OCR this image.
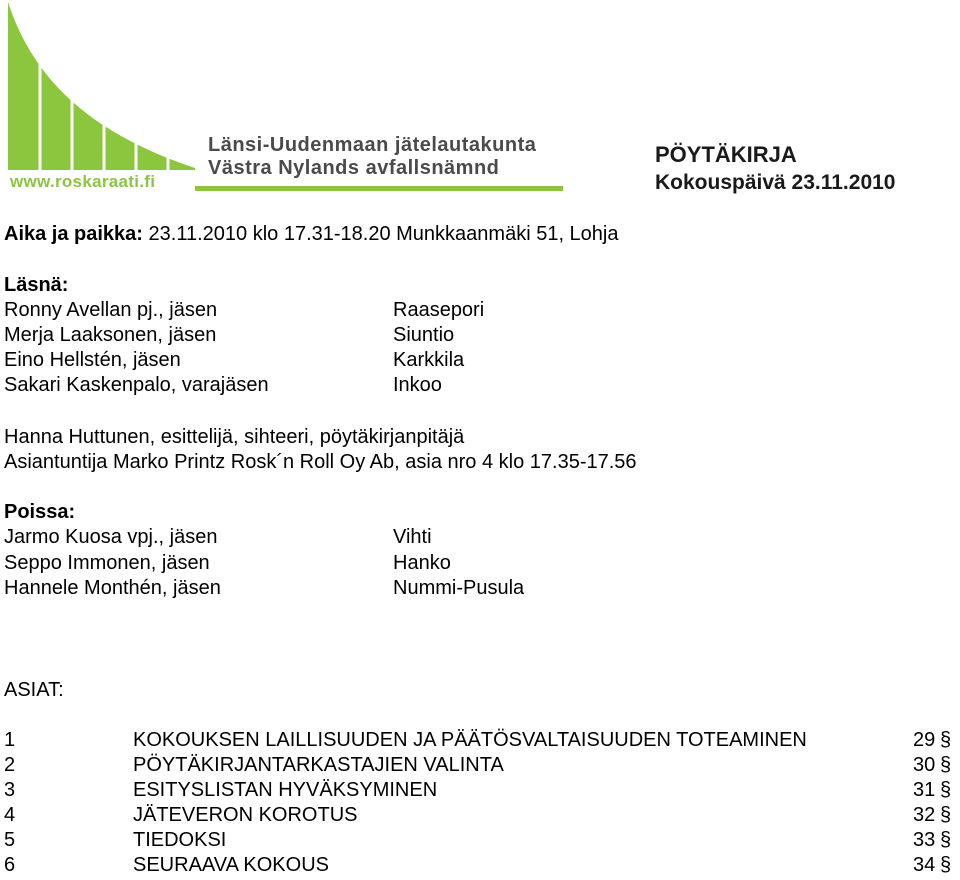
Länsi-Uudenmaan jätelautakunta
Västra Nylands avfallsnämnd
www.roskaraati.fi
PÖYTÄKIRJA
Kokouspäivä 23.11.2010
Aika ja paikka: 23.11.2010 klo 17.31-18.20 Munkkaanmäki 51, Lohja
Läsnä:
Ronny Avellan pj., jäsen	Raasepori
Merja Laaksonen, jäsen	Siuntio
Eino Hellstén, jäsen	Karkkila
Sakari Kaskenpalo, varajäsen	Inkoo
Hanna Huttunen, esittelijä, sihteeri, pöytäkirjanpitäjä
Asiantuntija Marko Printz Rosk´n Roll Oy Ab, asia nro 4 klo 17.35-17.56
Poissa:
Jarmo Kuosa vpj., jäsen	Vihti
Seppo Immonen, jäsen	Hanko
Hannele Monthén, jäsen	Nummi-Pusula
ASIAT:
1	KOKOUKSEN LAILLISUUDEN JA PÄÄTÖSVALTAISUUDEN TOTEAMINEN	29 §
2	PÖYTÄKIRJANTARKASTAJIEN VALINTA	30 §
3	ESITYSLISTAN HYVÄKSYMINEN	31 §
4	JÄTEVERON KOROTUS	32 §
5	TIEDOKSI	33 §
6	SEURAAVA KOKOUS	34 §
